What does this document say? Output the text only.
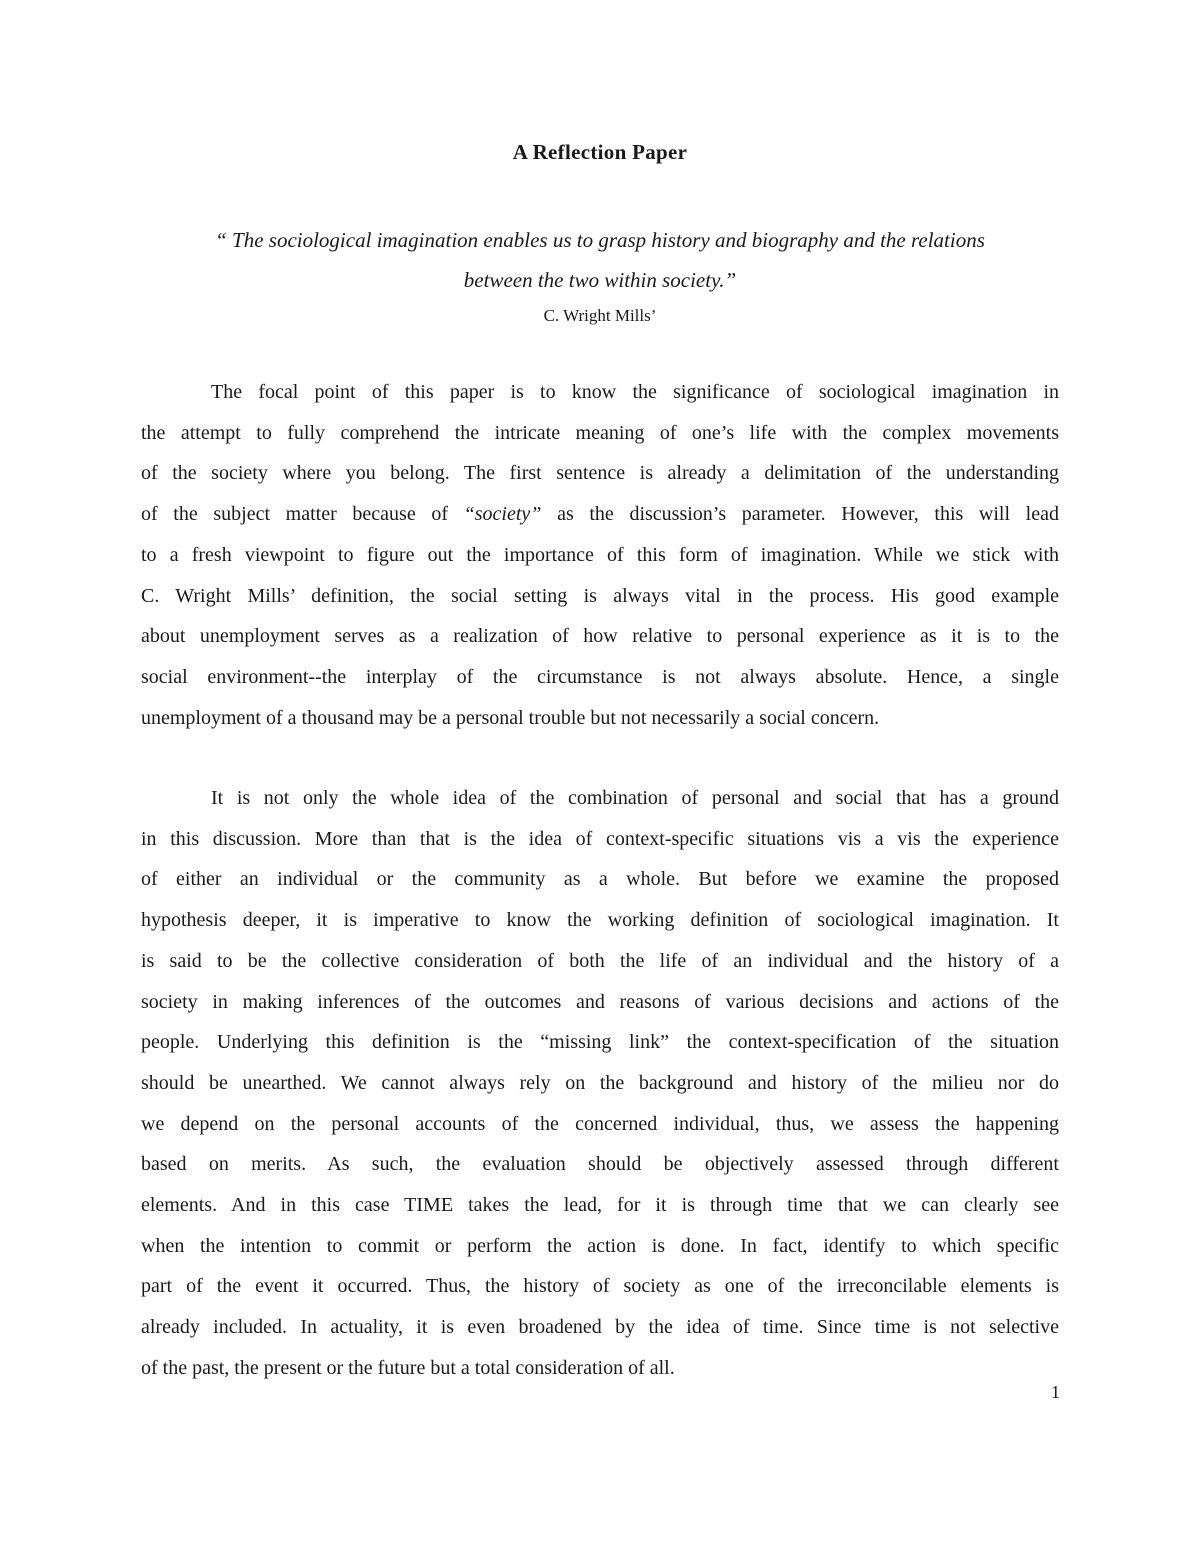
A Reflection Paper

“ The sociological imagination enables us to grasp history and biography and the relations
between the two within society.”

C. Wright Mills’

The focal point of this paper is to know the significance of sociological imagination in
the attempt to fully comprehend the intricate meaning of one’s life with the complex movements
of the society where you belong. The first sentence is already a delimitation of the understanding
of the subject matter because of “society” as the discussion’s parameter. However, this will lead
to a fresh viewpoint to figure out the importance of this form of imagination. While we stick with
C. Wright Mills’ definition, the social setting is always vital in the process. His good example
about unemployment serves as a realization of how relative to personal experience as it is to the
social environment--the interplay of the circumstance is not always absolute. Hence, a single
unemployment of a thousand may be a personal trouble but not necessarily a social concern.

It is not only the whole idea of the combination of personal and social that has a ground
in this discussion. More than that is the idea of context-specific situations vis a vis the experience
of either an individual or the community as a whole. But before we examine the proposed
hypothesis deeper, it is imperative to know the working definition of sociological imagination. It
is said to be the collective consideration of both the life of an individual and the history of a
society in making inferences of the outcomes and reasons of various decisions and actions of the
people. Underlying this definition is the “missing link” the context-specification of the situation
should be unearthed. We cannot always rely on the background and history of the milieu nor do
we depend on the personal accounts of the concerned individual, thus, we assess the happening
based on merits. As such, the evaluation should be objectively assessed through different
elements. And in this case TIME takes the lead, for it is through time that we can clearly see
when the intention to commit or perform the action is done. In fact, identify to which specific
part of the event it occurred. Thus, the history of society as one of the irreconcilable elements is
already included. In actuality, it is even broadened by the idea of time. Since time is not selective
of the past, the present or the future but a total consideration of all.

1
